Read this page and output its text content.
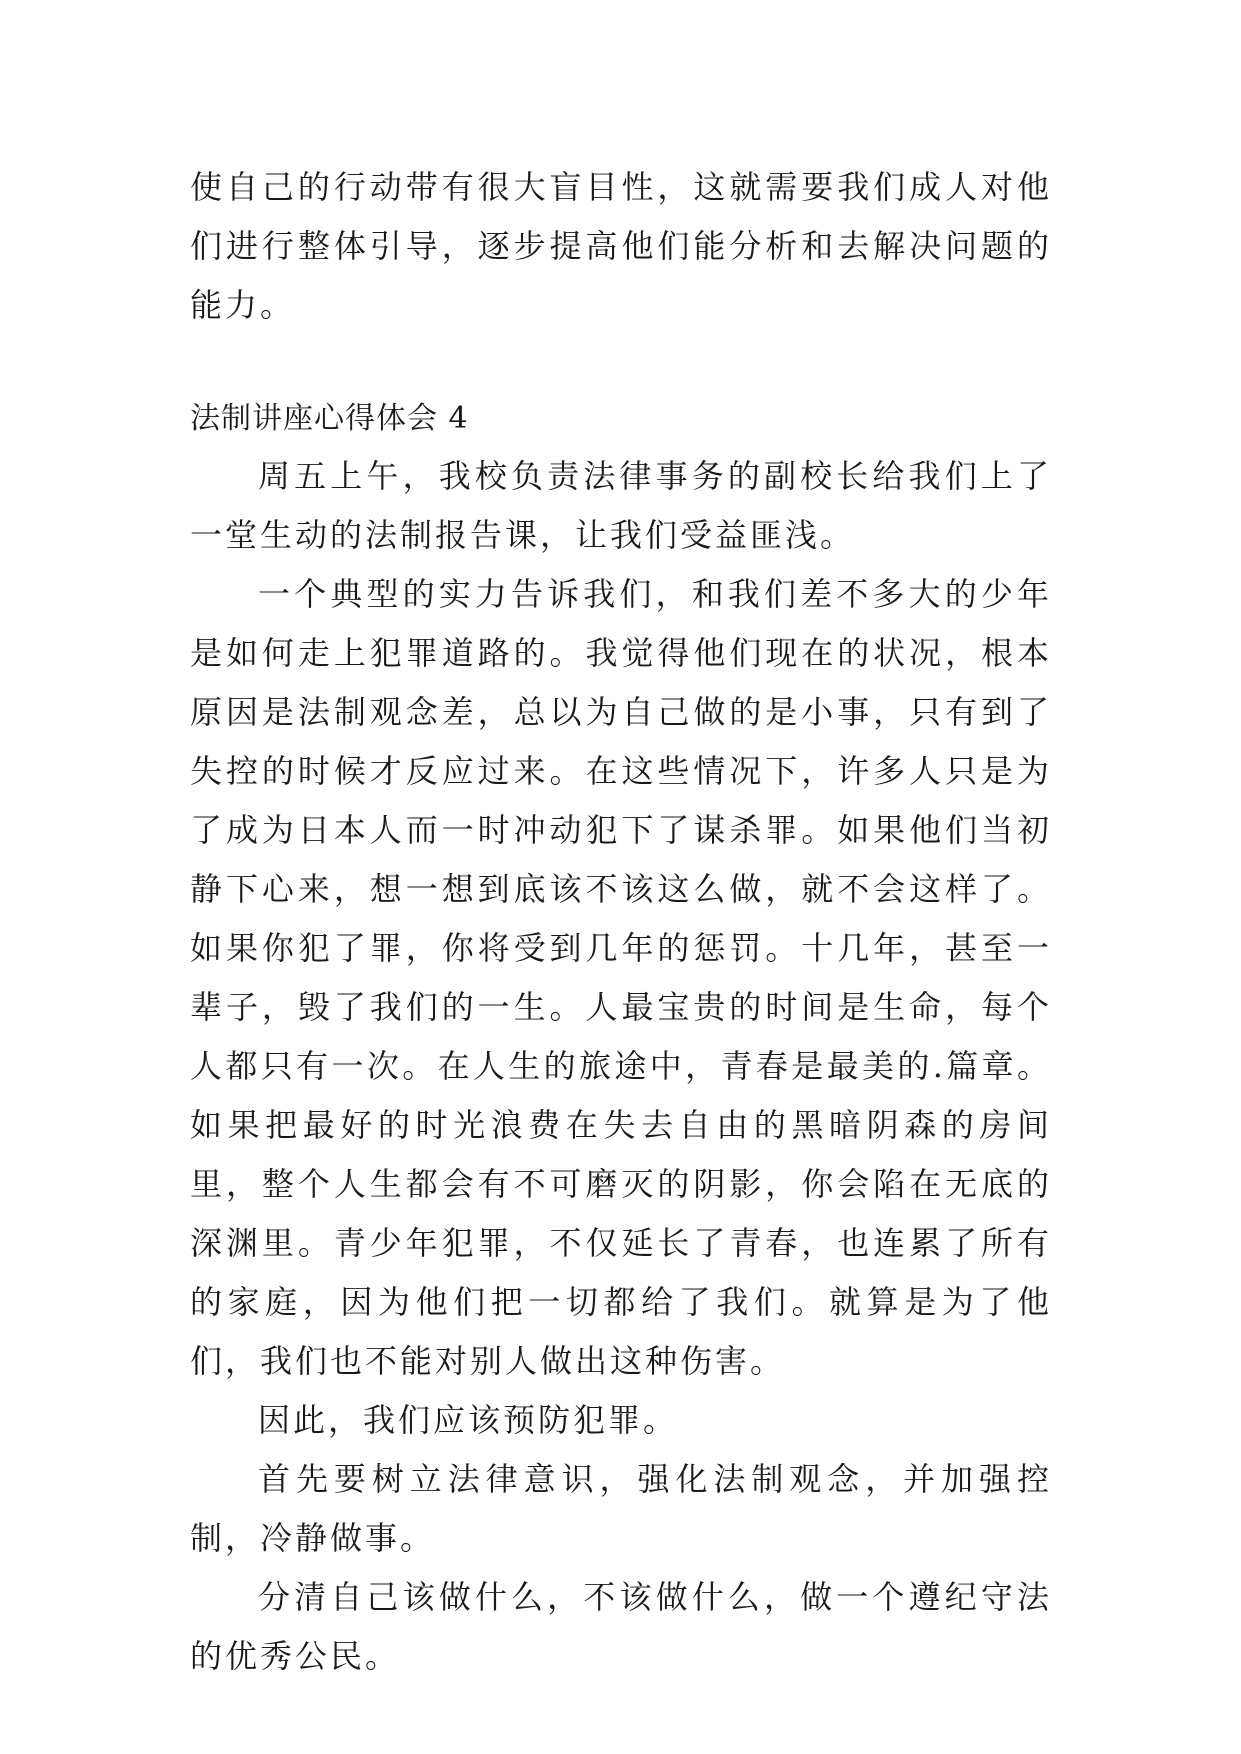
使自己的行动带有很大盲目性，这就需要我们成人对他们进行整体引导，逐步提高他们能分析和去解决问题的能力。

法制讲座心得体会 4

周五上午，我校负责法律事务的副校长给我们上了一堂生动的法制报告课，让我们受益匪浅。

一个典型的实力告诉我们，和我们差不多大的少年是如何走上犯罪道路的。我觉得他们现在的状况，根本原因是法制观念差，总以为自己做的是小事，只有到了失控的时候才反应过来。在这些情况下，许多人只是为了成为日本人而一时冲动犯下了谋杀罪。如果他们当初静下心来，想一想到底该不该这么做，就不会这样了。如果你犯了罪，你将受到几年的惩罚。十几年，甚至一辈子，毁了我们的一生。人最宝贵的时间是生命，每个人都只有一次。在人生的旅途中，青春是最美的.篇章。如果把最好的时光浪费在失去自由的黑暗阴森的房间里，整个人生都会有不可磨灭的阴影，你会陷在无底的深渊里。青少年犯罪，不仅延长了青春，也连累了所有的家庭，因为他们把一切都给了我们。就算是为了他们，我们也不能对别人做出这种伤害。

因此，我们应该预防犯罪。

首先要树立法律意识，强化法制观念，并加强控制，冷静做事。

分清自己该做什么，不该做什么，做一个遵纪守法的优秀公民。
